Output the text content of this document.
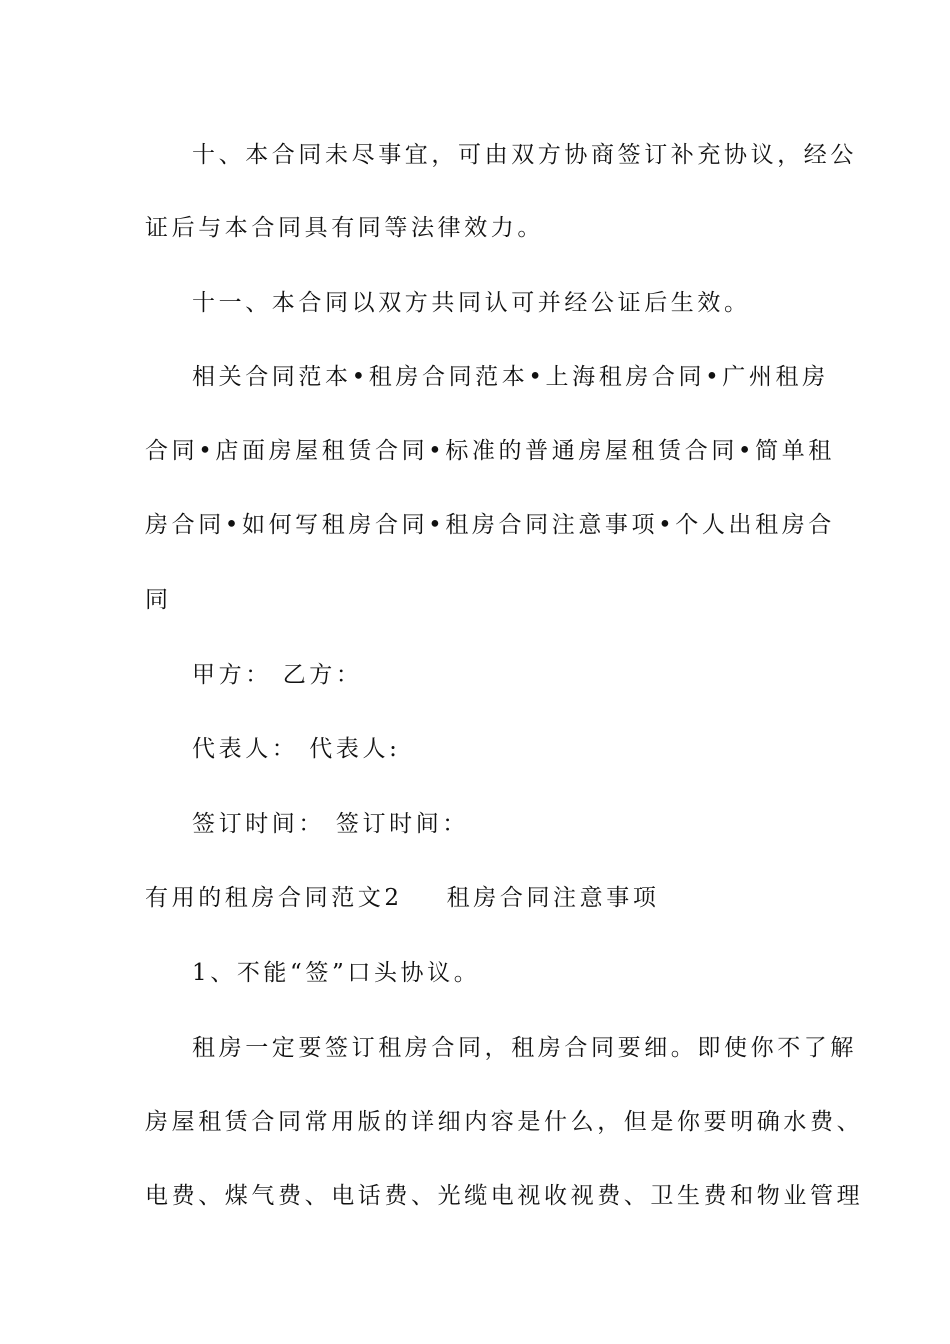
十、本合同未尽事宜，可由双方协商签订补充协议，经公
证后与本合同具有同等法律效力。
十一、本合同以双方共同认可并经公证后生效。
相关合同范本•租房合同范本•上海租房合同•广州租房
合同•店面房屋租赁合同•标准的普通房屋租赁合同•简单租
房合同•如何写租房合同•租房合同注意事项•个人出租房合
同
甲方： 乙方：
代表人： 代表人:
签订时间： 签订时间：
有用的租房合同范文2 租房合同注意事项
1、不能“签”口头协议。
租房一定要签订租房合同，租房合同要细。即使你不了解
房屋租赁合同常用版的详细内容是什么，但是你要明确水费、
电费、煤气费、电话费、光缆电视收视费、卫生费和物业管理
